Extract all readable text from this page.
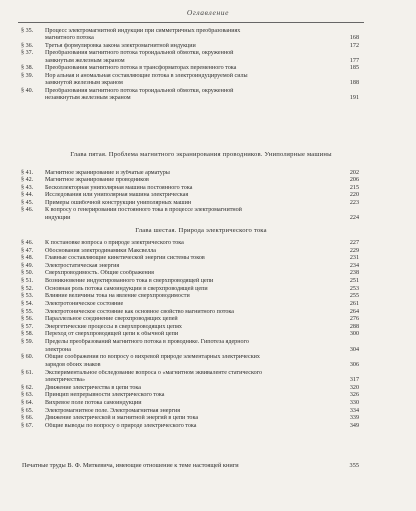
Оглавление
§ 35.	Процесс электромагнитной индукции при симметричных преобразованиях
магнитного потока	168
§ 36.	Третья формулировка закона электромагнитной индукции	172
§ 37.	Преобразования магнитного потока тороидальной обмотки, окруженной
замкнутым железным экраном	177
§ 38.	Преобразования магнитного потока в трансформаторах переменного тока	185
§ 39.	Нор альная и аномальная составляющие потока в электроиндуцируемой силы
замкнутой железным экраном	188
§ 40.	Преобразования магнитного потока тороидальной обмотки, окруженной
незамкнутым железным экраном	191
Глава пятая. Проблема магнитного экранирования проводников. Униполярные машины
§ 41.	Магнитное экранирование и зубчатые арматуры	202
§ 42.	Магнитное экранирование проводников	206
§ 43.	Бесколлекторная униполярная машина постоянного тока	215
§ 44.	Исследования или униполярная машина электрическая	220
§ 45.	Примеры ошибочной конструкции униполярных машин	223
§ 46.	К вопросу о генерировании постоянного тока в процессе электромагнитной
индукции	224
Глава шестая. Природа электрического тока
§ 46.	К постановке вопроса о природе электрического тока	227
§ 47.	Обоснования электродинамики Максвелла	229
§ 48.	Главные составляющие кинетической энергии системы токов	231
§ 49.	Электростатическая энергия	234
§ 50.	Сверхпроводимость. Общие соображения	238
§ 51.	Возникновение индуктированного тока в сверхпроводящей цепи	251
§ 52.	Основная роль потока самоиндукции в сверхпроводящей цепи	253
§ 53.	Влияние величины тока на явление сверхпроводимости	255
§ 54.	Электротоническое состояние	261
§ 55.	Электротоническое состояние как основное свойство магнитного потока	264
§ 56.	Параллельное соединение сверхпроводящих цепей	276
§ 57.	Энергетические процессы в сверхпроводящих цепях	288
§ 58.	Переход от сверхпроводящей цепи к обычной цепи	300
§ 59.	Пределы преобразований магнитного потока в проводнике. Гипотеза ядерного
электрона	304
§ 60.	Общие соображения по вопросу о вихревой природе элементарных электрических
зарядов обоих знаков	306
§ 61.	Экспериментальное обследование вопроса о «магнитном эквиваленте статического
электричества»	317
§ 62.	Движение электричества в цепи тока	320
§ 63.	Принцип непрерывности электрического тока	326
§ 64.	Вихревое поле потока самоиндукции	330
§ 65.	Электромагнитное поле. Электромагнитная энергия	334
§ 66.	Движение электрической и магнитной энергий в цепи тока	339
§ 67.	Общие выводы по вопросу о природе электрического тока	349
Печатные труды В. Ф. Миткевича, имеющие отношение к теме настоящей книги	355
